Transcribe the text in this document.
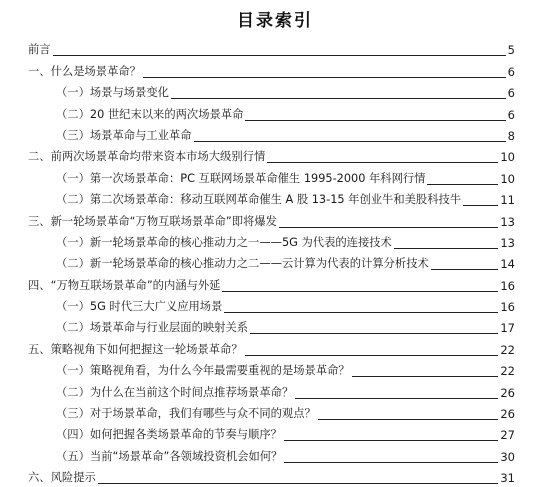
目录索引
前言	5
一、什么是场景革命？	6
（一）场景与场景变化	6
（二）20 世纪末以来的两次场景革命	6
（三）场景革命与工业革命	8
二、前两次场景革命均带来资本市场大级别行情	10
（一）第一次场景革命：PC 互联网场景革命催生 1995-2000 年科网行情	10
（二）第二次场景革命：移动互联网革命催生 A 股 13-15 年创业牛和美股科技牛	11
三、新一轮场景革命“万物互联场景革命”即将爆发	13
（一）新一轮场景革命的核心推动力之一——5G 为代表的连接技术	13
（二）新一轮场景革命的核心推动力之二——云计算为代表的计算分析技术	14
四、“万物互联场景革命”的内涵与外延	16
（一）5G 时代三大广义应用场景	16
（二）场景革命与行业层面的映射关系	17
五、策略视角下如何把握这一轮场景革命？	22
（一）策略视角看，为什么今年最需要重视的是场景革命？	22
（二）为什么在当前这个时间点推荐场景革命？	26
（三）对于场景革命，我们有哪些与众不同的观点？	26
（四）如何把握各类场景革命的节奏与顺序？	27
（五）当前“场景革命”各领域投资机会如何？	30
六、风险提示	31
